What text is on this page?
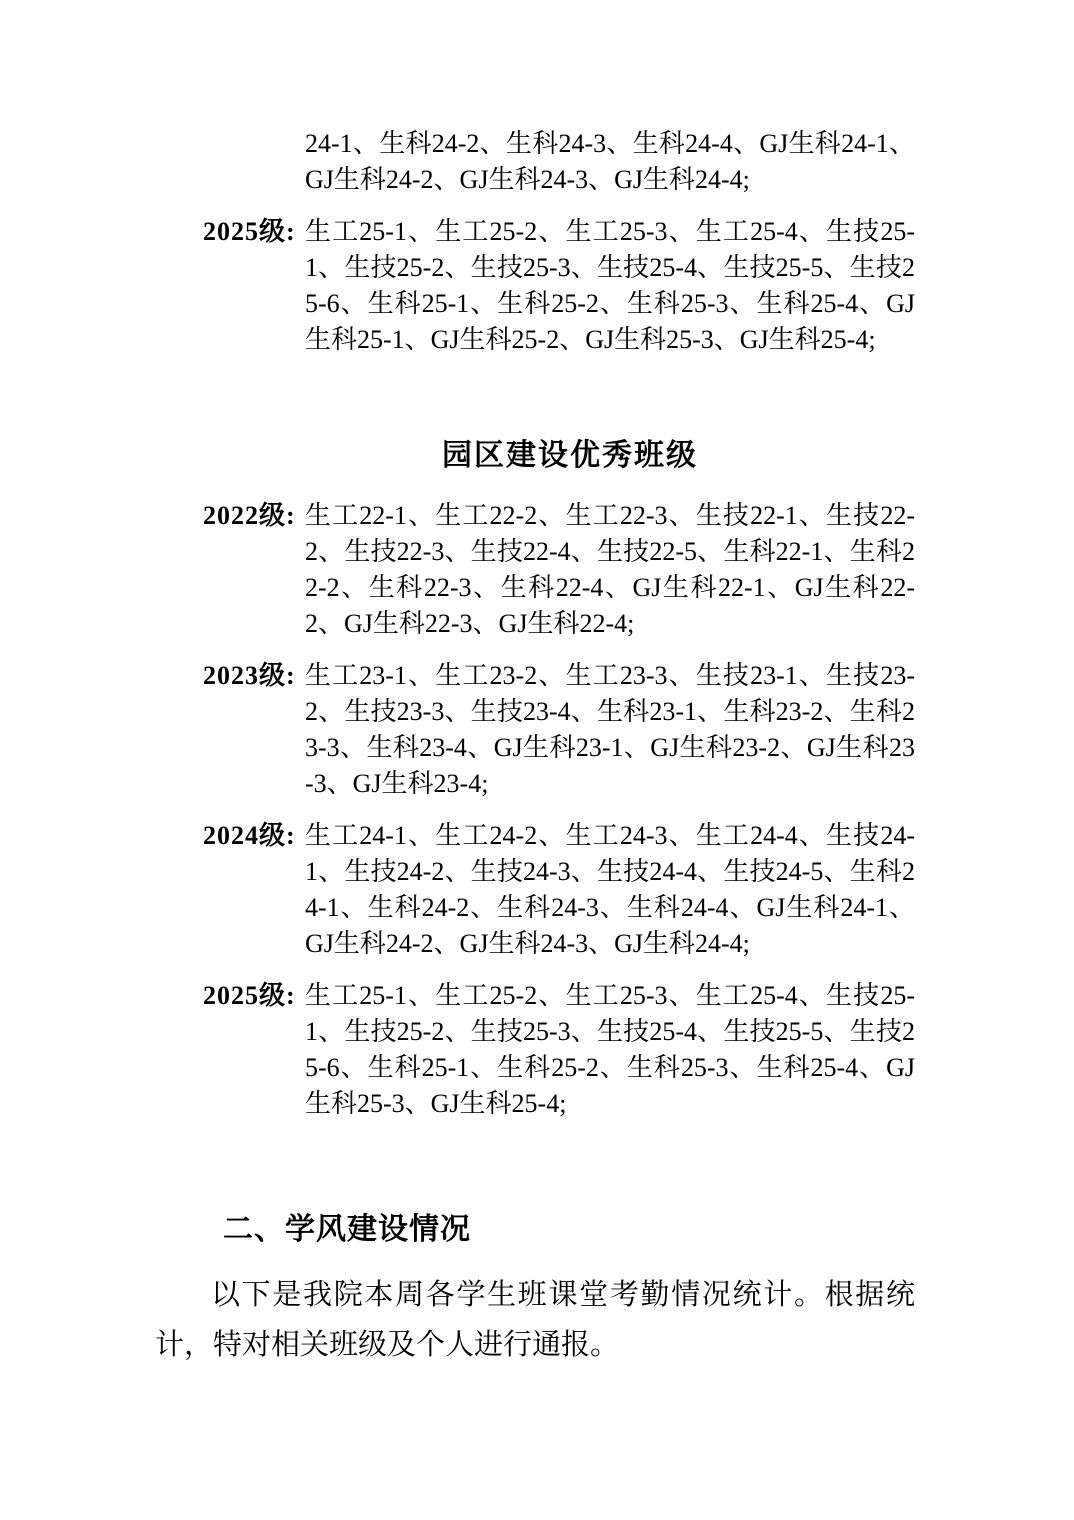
24-1、生科24-2、生科24-3、生科24-4、GJ生科24-1、GJ生科24-2、GJ生科24-3、GJ生科24-4;

2025级: 生工25-1、生工25-2、生工25-3、生工25-4、生技25-1、生技25-2、生技25-3、生技25-4、生技25-5、生技25-6、生科25-1、生科25-2、生科25-3、生科25-4、GJ生科25-1、GJ生科25-2、GJ生科25-3、GJ生科25-4;

园区建设优秀班级

2022级: 生工22-1、生工22-2、生工22-3、生技22-1、生技22-2、生技22-3、生技22-4、生技22-5、生科22-1、生科22-2、生科22-3、生科22-4、GJ生科22-1、GJ生科22-2、GJ生科22-3、GJ生科22-4;

2023级: 生工23-1、生工23-2、生工23-3、生技23-1、生技23-2、生技23-3、生技23-4、生科23-1、生科23-2、生科23-3、生科23-4、GJ生科23-1、GJ生科23-2、GJ生科23-3、GJ生科23-4;

2024级: 生工24-1、生工24-2、生工24-3、生工24-4、生技24-1、生技24-2、生技24-3、生技24-4、生技24-5、生科24-1、生科24-2、生科24-3、生科24-4、GJ生科24-1、GJ生科24-2、GJ生科24-3、GJ生科24-4;

2025级: 生工25-1、生工25-2、生工25-3、生工25-4、生技25-1、生技25-2、生技25-3、生技25-4、生技25-5、生技25-6、生科25-1、生科25-2、生科25-3、生科25-4、GJ生科25-3、GJ生科25-4;

二、学风建设情况

以下是我院本周各学生班课堂考勤情况统计。根据统计，特对相关班级及个人进行通报。
